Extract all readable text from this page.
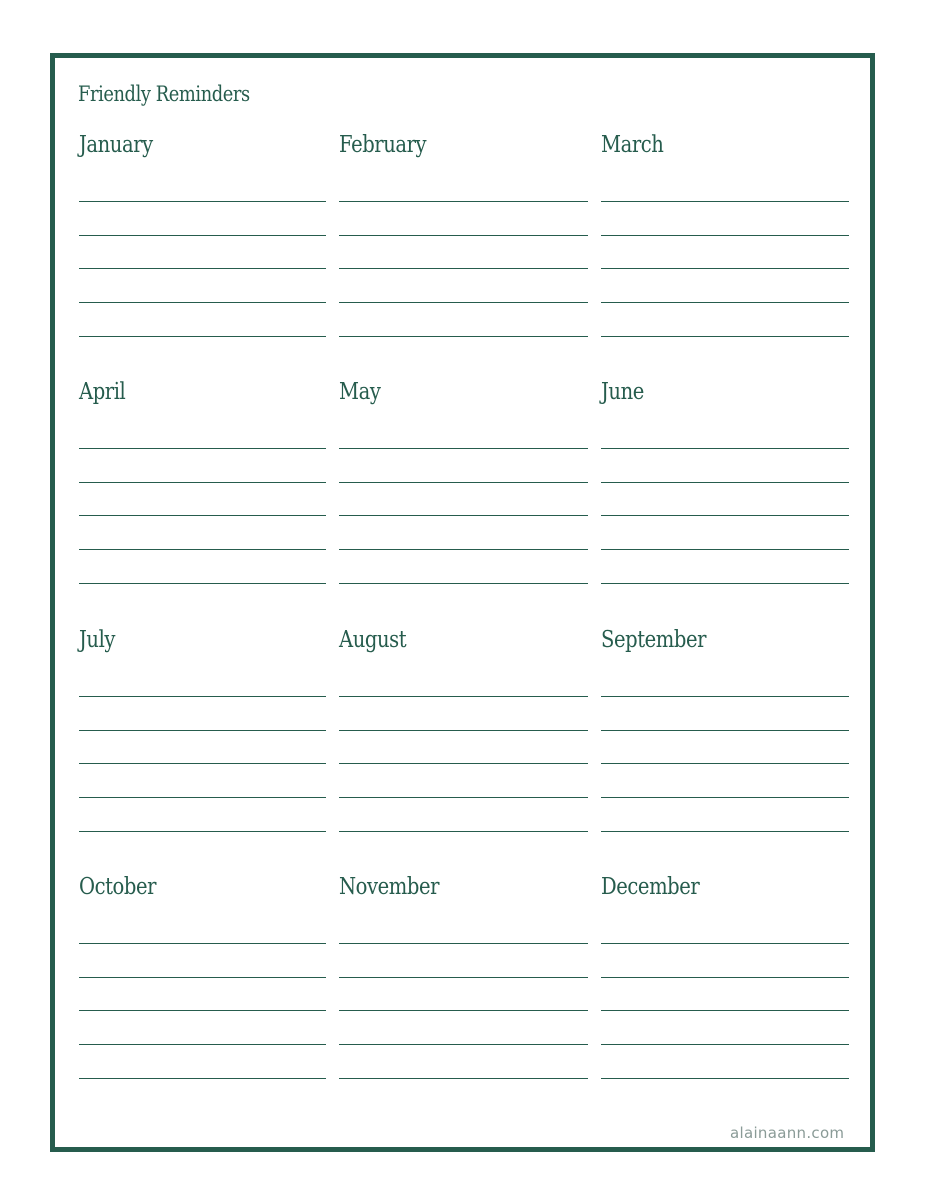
Friendly Reminders
January	February	March
April	May	June
July	August	September
October	November	December
alainaann.com
